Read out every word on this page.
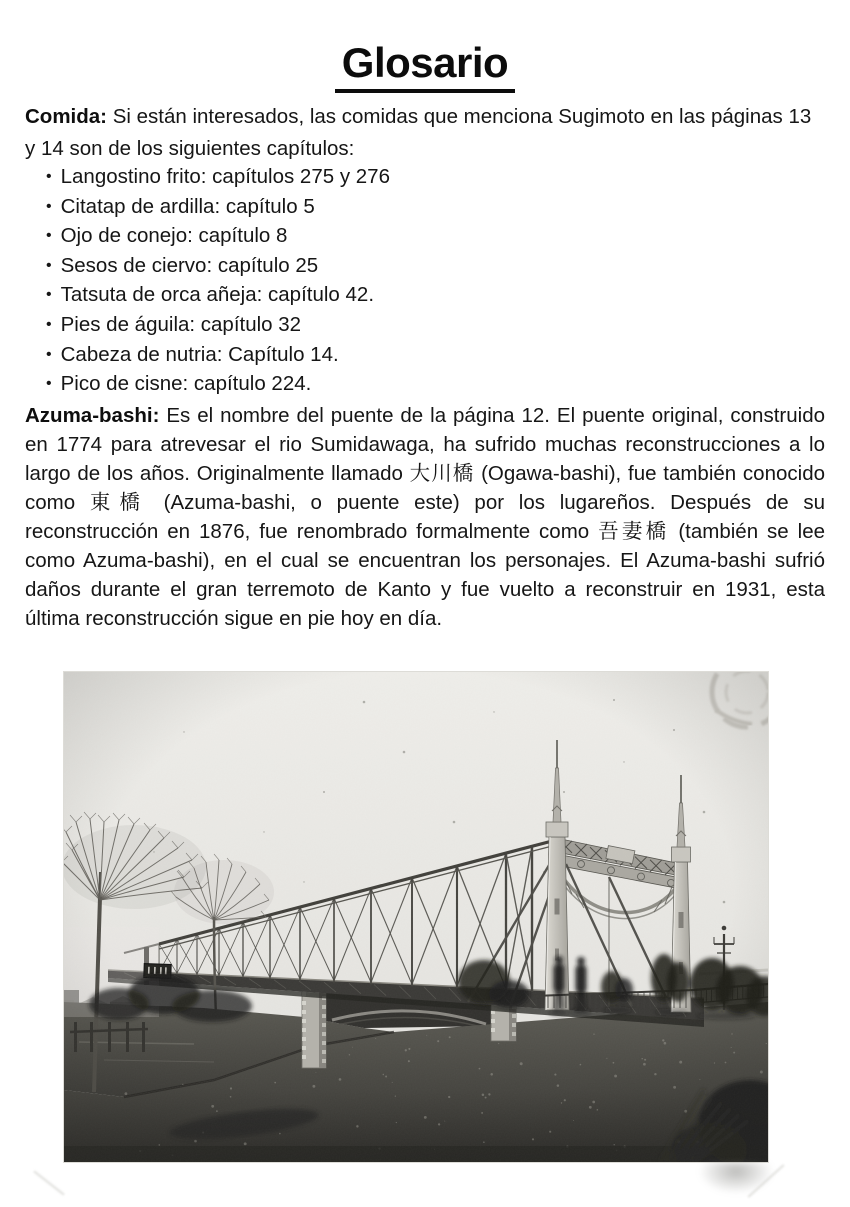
Glosario

Comida: Si están interesados, las comidas que menciona Sugimoto en las páginas 13 y 14 son de los siguientes capítulos:

• Langostino frito: capítulos 275 y 276
• Citatap de ardilla: capítulo 5
• Ojo de conejo: capítulo 8
• Sesos de ciervo: capítulo 25
• Tatsuta de orca añeja: capítulo 42.
• Pies de águila: capítulo 32
• Cabeza de nutria: Capítulo 14.
• Pico de cisne: capítulo 224.

Azuma-bashi: Es el nombre del puente de la página 12. El puente original, construido en 1774 para atrevesar el rio Sumidawaga, ha sufrido muchas reconstrucciones a lo largo de los años. Originalmente llamado 大川橋 (Ogawa-bashi), fue también conocido como 東橋 (Azuma-bashi, o puente este) por los lugareños. Después de su reconstrucción en 1876, fue renombrado formalmente como 吾妻橋 (también se lee como Azuma-bashi), en el cual se encuentran los personajes. El Azuma-bashi sufrió daños durante el gran terremoto de Kanto y fue vuelto a reconstruir en 1931, esta última reconstrucción sigue en pie hoy en día.
